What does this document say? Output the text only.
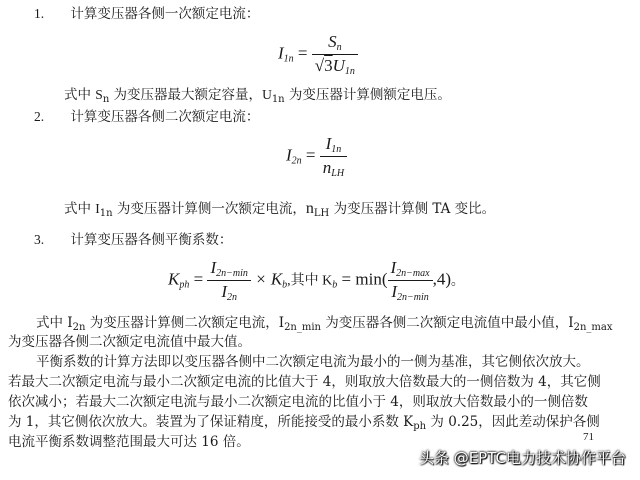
1. 计算变压器各侧一次额定电流：
$I_{1n} = \frac{S_n}{√3U_{1n}}$
式中 $S_n$ 为变压器最大额定容量，$U_{1n}$ 为变压器计算侧额定电压。
2. 计算变压器各侧二次额定电流：
$I_{2n} = \frac{I_{1n}}{n_{LH}}$
式中 $I_{1n}$ 为变压器计算侧一次额定电流，$n_{LH}$ 为变压器计算侧 TA 变比。
3. 计算变压器各侧平衡系数：
$K_{ph} = \frac{I_{2n-min}}{I_{2n}} \times K_b$,其中 $K_b = \min( \frac{I_{2n-max}}{I_{2n-min}} ,4)$。
式中 $I_{2n}$ 为变压器计算侧二次额定电流，$I_{2n\_min}$ 为变压器各侧二次额定电流值中最小值，$I_{2n\_max}$
为变压器各侧二次额定电流值中最大值。
平衡系数的计算方法即以变压器各侧中二次额定电流为最小的一侧为基准，其它侧依次放大。
若最大二次额定电流与最小二次额定电流的比值大于 4，则取放大倍数最大的一侧倍数为 4，其它侧
依次减小；若最大二次额定电流与最小二次额定电流的比值小于 4，则取放大倍数最小的一侧倍数
为 1，其它侧依次放大。装置为了保证精度，所能接受的最小系数 $K_{ph}$ 为 0.25，因此差动保护各侧
电流平衡系数调整范围最大可达 16 倍。	71
头条 @EPTC电力技术协作平台
